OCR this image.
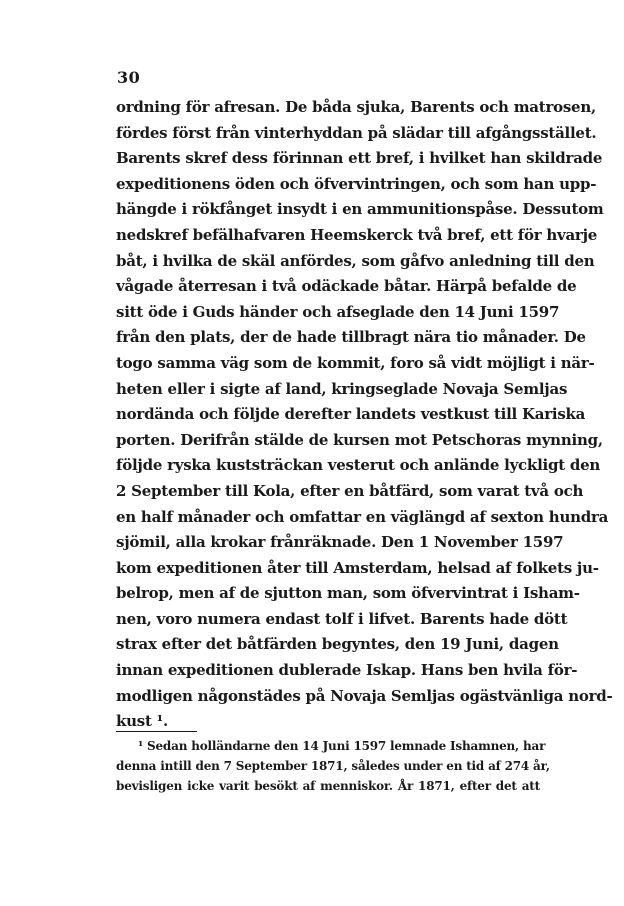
30
ordning för afresan. De båda sjuka, Barents och matrosen,
fördes först från vinterhyddan på slädar till afgångsstället.
Barents skref dess förinnan ett bref, i hvilket han skildrade
expeditionens öden och öfvervintringen, och som han upp-
hängde i rökfånget insydt i en ammunitionspåse. Dessutom
nedskref befälhafvaren Heemskerck två bref, ett för hvarje
båt, i hvilka de skäl anfördes, som gåfvo anledning till den
vågade återresan i två odäckade båtar. Härpå befalde de
sitt öde i Guds händer och afseglade den 14 Juni 1597
från den plats, der de hade tillbragt nära tio månader. De
togo samma väg som de kommit, foro så vidt möjligt i när-
heten eller i sigte af land, kringseglade Novaja Semljas
nordända och följde derefter landets vestkust till Kariska
porten. Derifrån stälde de kursen mot Petschoras mynning,
följde ryska kuststräckan vesterut och anlände lyckligt den
2 September till Kola, efter en båtfärd, som varat två och
en half månader och omfattar en väglängd af sexton hundra
sjömil, alla krokar frånräknade. Den 1 November 1597
kom expeditionen åter till Amsterdam, helsad af folkets ju-
belrop, men af de sjutton man, som öfvervintrat i Isham-
nen, voro numera endast tolf i lifvet. Barents hade dött
strax efter det båtfärden begyntes, den 19 Juni, dagen
innan expeditionen dublerade Iskap. Hans ben hvila för-
modligen någonstädes på Novaja Semljas ogästvänliga nord-
kust ¹.
¹ Sedan holländarne den 14 Juni 1597 lemnade Ishamnen, har
denna intill den 7 September 1871, således under en tid af 274 år,
bevisligen icke varit besökt af menniskor. År 1871, efter det att
